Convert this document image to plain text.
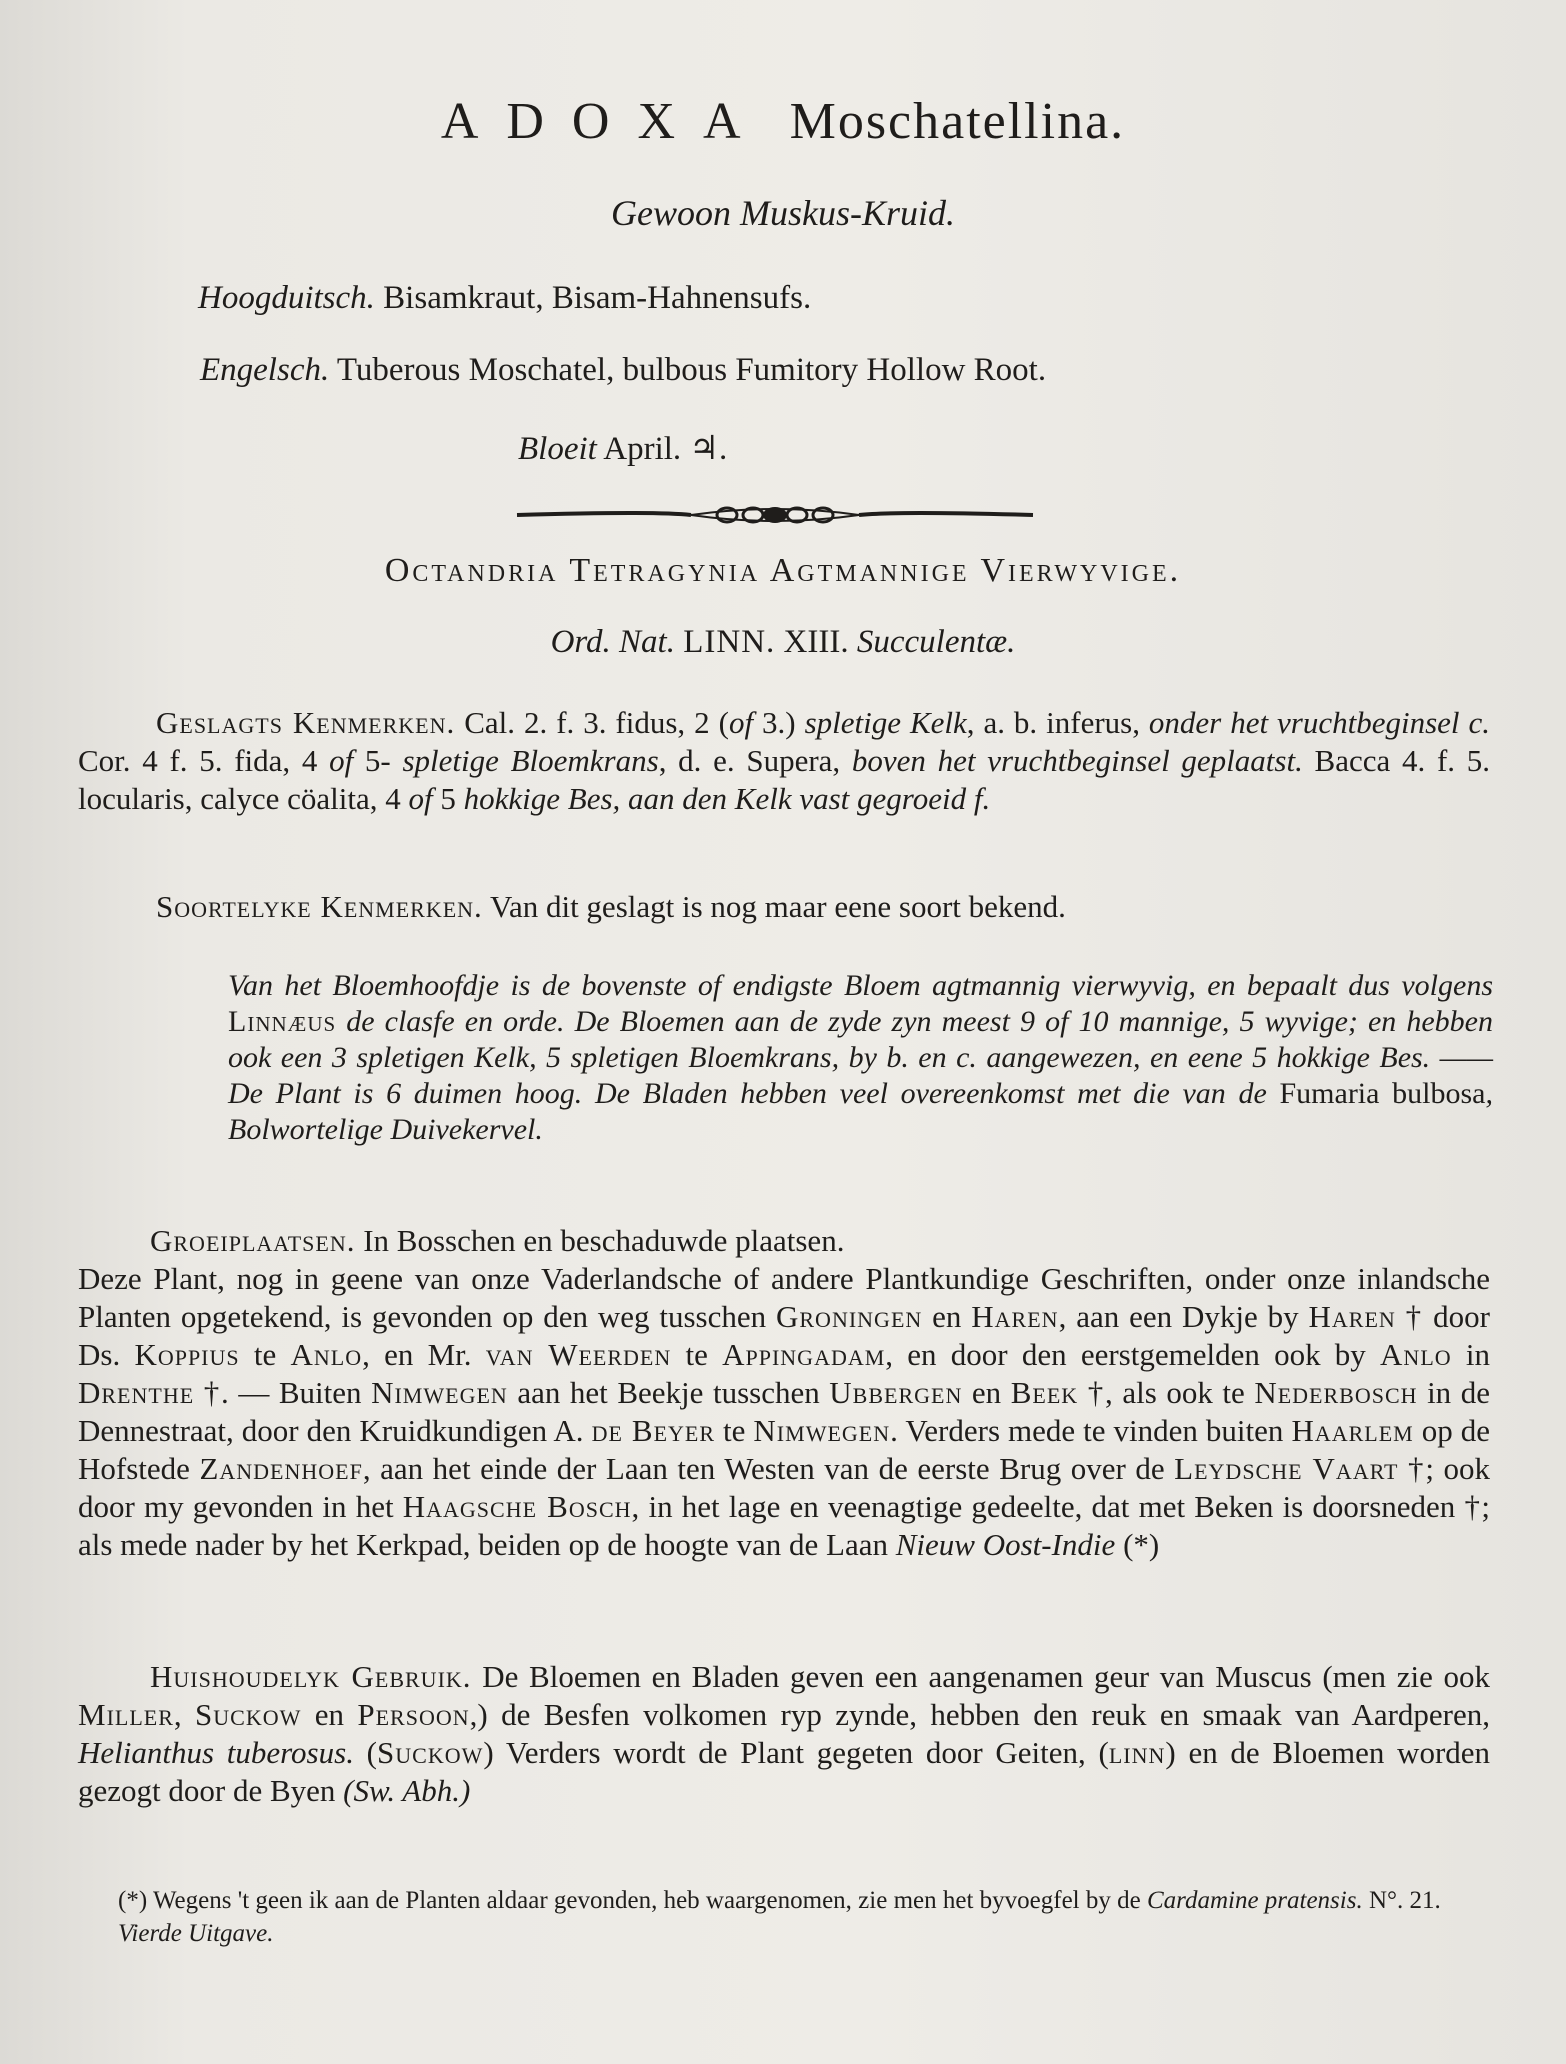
ADOXA Moschatellina.
Gewoon Muskus-Kruid.
Hoogduitsch. Bisamkraut, Bisam-Hahnensufs.
Engelsch. Tuberous Moschatel, bulbous Fumitory Hollow Root.
Bloeit April. ♃.
Octandria Tetragynia Agtmannige Vierwyvige.
Ord. Nat. LINN. XIII. Succulentæ.
Geslagts Kenmerken. Cal. 2. f. 3. fidus, 2 (of 3.) spletige Kelk, a. b. inferus, onder het vruchtbeginsel c. Cor. 4 f. 5. fida, 4 of 5- spletige Bloemkrans, d. e. Supera, boven het vruchtbeginsel geplaatst. Bacca 4. f. 5. locularis, calyce cöalita, 4 of 5 hokkige Bes, aan den Kelk vast gegroeid f.
Soortelyke Kenmerken. Van dit geslagt is nog maar eene soort bekend.
Van het Bloemhoofdje is de bovenste of endigste Bloem agtmannig vierwyvig, en bepaalt dus volgens Linnæus de clasfe en orde. De Bloemen aan de zyde zyn meest 9 of 10 mannige, 5 wyvige; en hebben ook een 3 spletigen Kelk, 5 spletigen Bloemkrans, by b. en c. aangewezen, en eene 5 hokkige Bes. —— De Plant is 6 duimen hoog. De Bladen hebben veel overeenkomst met die van de Fumaria bulbosa, Bolwortelige Duivekervel.
Groeiplaatsen. In Bosschen en beschaduwde plaatsen.
Deze Plant, nog in geene van onze Vaderlandsche of andere Plantkundige Geschriften, onder onze inlandsche Planten opgetekend, is gevonden op den weg tusschen Groningen en Haren, aan een Dykje by Haren † door Ds. Koppius te Anlo, en Mr. van Weerden te Appingadam, en door den eerstgemelden ook by Anlo in Drenthe †. — Buiten Nimwegen aan het Beekje tusschen Ubbergen en Beek †, als ook te Nederbosch in de Dennestraat, door den Kruidkundigen A. de Beyer te Nimwegen. Verders mede te vinden buiten Haarlem op de Hofstede Zandenhoef, aan het einde der Laan ten Westen van de eerste Brug over de Leydsche Vaart †; ook door my gevonden in het Haagsche Bosch, in het lage en veenagtige gedeelte, dat met Beken is doorsneden †; als mede nader by het Kerkpad, beiden op de hoogte van de Laan Nieuw Oost-Indie (*)
Huishoudelyk Gebruik. De Bloemen en Bladen geven een aangenamen geur van Muscus (men zie ook Miller, Suckow en Persoon,) de Besfen volkomen ryp zynde, hebben den reuk en smaak van Aardperen, Helianthus tuberosus. (Suckow) Verders wordt de Plant gegeten door Geiten, (linn) en de Bloemen worden gezogt door de Byen (Sw. Abh.)
(*) Wegens 't geen ik aan de Planten aldaar gevonden, heb waargenomen, zie men het byvoegfel by de Cardamine pratensis. N°. 21. Vierde Uitgave.
